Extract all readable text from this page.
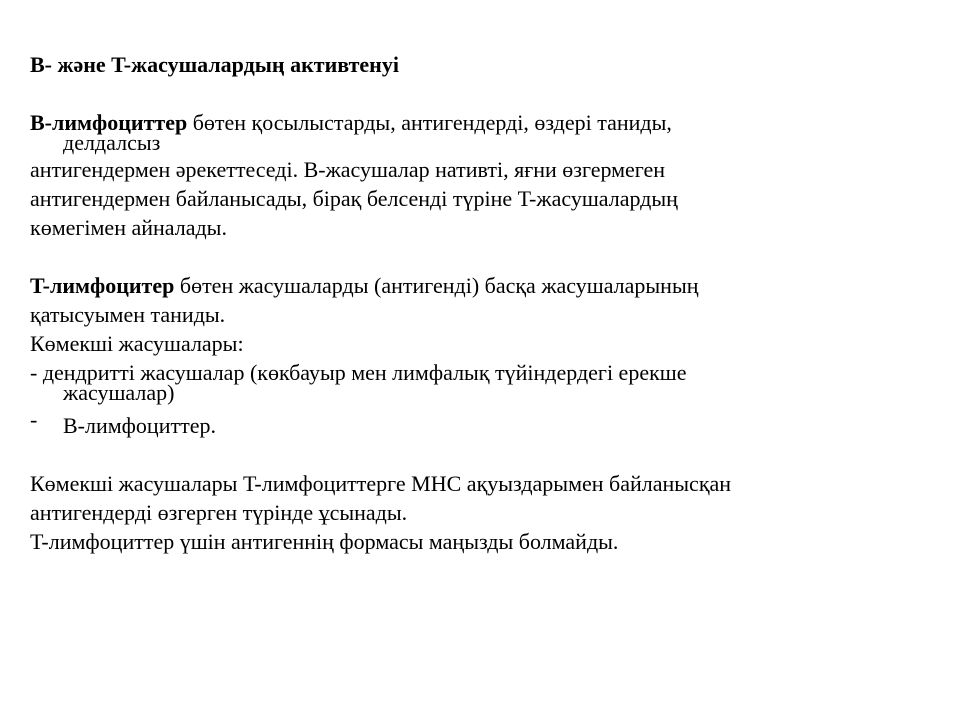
B- және T-жасушалардың активтенуі
B-лимфоциттер бөтен қосылыстарды, антигендерді, өздері таниды,
делдалсыз
антигендермен әрекеттеседі. B-жасушалар нативті, яғни өзгермеген
антигендермен байланысады, бірақ белсенді түріне T-жасушалардың
көмегімен айналады.
T-лимфоцитер бөтен жасушаларды (антигенді) басқа жасушаларының
қатысуымен таниды.
Көмекші жасушалары:
- дендритті жасушалар (көкбауыр мен лимфалық түйіндердегі ерекше
жасушалар)
- B-лимфоциттер.
Көмекші жасушалары T-лимфоциттерге MHC ақуыздарымен байланысқан
антигендерді өзгерген түрінде ұсынады.
T-лимфоциттер үшін антигеннің формасы маңызды болмайды.
